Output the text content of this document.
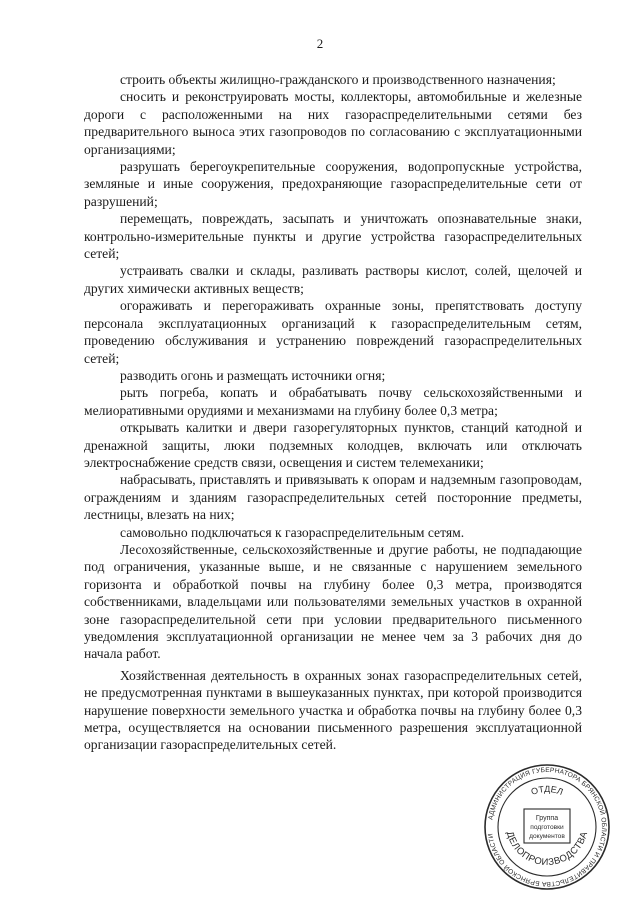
2

строить объекты жилищно-гражданского и производственного назначения;

сносить и реконструировать мосты, коллекторы, автомобильные и железные дороги с расположенными на них газораспределительными сетями без предварительного выноса этих газопроводов по согласованию с эксплуатационными организациями;

разрушать берегоукрепительные сооружения, водопропускные устройства, земляные и иные сооружения, предохраняющие газораспределительные сети от разрушений;

перемещать, повреждать, засыпать и уничтожать опознавательные знаки, контрольно-измерительные пункты и другие устройства газораспределительных сетей;

устраивать свалки и склады, разливать растворы кислот, солей, щелочей и других химически активных веществ;

огораживать и перегораживать охранные зоны, препятствовать доступу персонала эксплуатационных организаций к газораспределительным сетям, проведению обслуживания и устранению повреждений газораспределительных сетей;

разводить огонь и размещать источники огня;

рыть погреба, копать и обрабатывать почву сельскохозяйственными и мелиоративными орудиями и механизмами на глубину более 0,3 метра;

открывать калитки и двери газорегуляторных пунктов, станций катодной и дренажной защиты, люки подземных колодцев, включать или отключать электроснабжение средств связи, освещения и систем телемеханики;

набрасывать, приставлять и привязывать к опорам и надземным газопроводам, ограждениям и зданиям газораспределительных сетей посторонние предметы, лестницы, влезать на них;

самовольно подключаться к газораспределительным сетям.

Лесохозяйственные, сельскохозяйственные и другие работы, не подпадающие под ограничения, указанные выше, и не связанные с нарушением земельного горизонта и обработкой почвы на глубину более 0,3 метра, производятся собственниками, владельцами или пользователями земельных участков в охранной зоне газораспределительной сети при условии предварительного письменного уведомления эксплуатационной организации не менее чем за 3 рабочих дня до начала работ.

Хозяйственная деятельность в охранных зонах газораспределительных сетей, не предусмотренная пунктами в вышеуказанных пунктах, при которой производится нарушение поверхности земельного участка и обработка почвы на глубину более 0,3 метра, осуществляется на основании письменного разрешения эксплуатационной организации газораспределительных сетей.

АДМИНИСТРАЦИЯ ГУБЕРНАТОРА БРЯНСКОЙ ОБЛАСТИ И ПРАВИТЕЛЬСТВА БРЯНСКОЙ ОБЛАСТИ
ОТДЕЛ
ДЕЛОПРОИЗВОДСТВА
Группа
подготовки
документов
